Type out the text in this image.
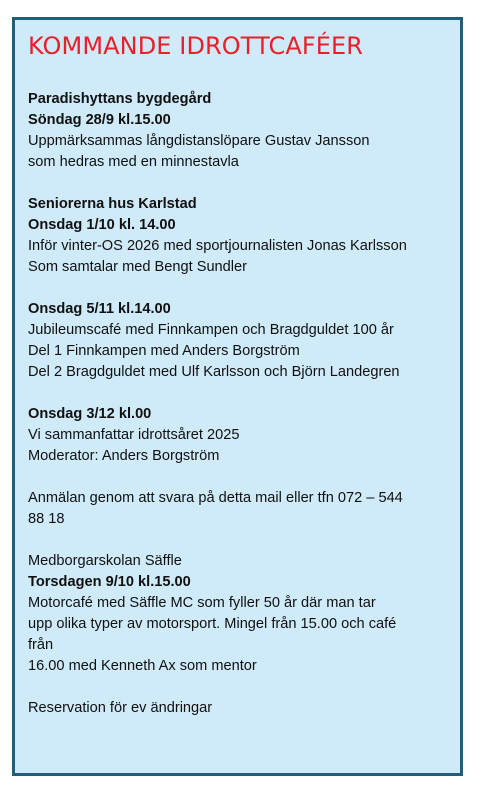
KOMMANDE IDROTTCAFÉER

Paradishyttans bygdegård

Söndag 28/9 kl.15.00

Uppmärksammas långdistanslöpare Gustav Jansson

som hedras med en minnestavla

Seniorerna hus Karlstad

Onsdag 1/10 kl. 14.00

Inför vinter-OS 2026 med sportjournalisten Jonas Karlsson

Som samtalar med Bengt Sundler

Onsdag 5/11 kl.14.00

Jubileumscafé med Finnkampen och Bragdguldet 100 år

Del 1 Finnkampen med Anders Borgström

Del 2 Bragdguldet med Ulf Karlsson och Björn Landegren

Onsdag 3/12 kl.00

Vi sammanfattar idrottsåret 2025

Moderator: Anders Borgström

Anmälan genom att svara på detta mail eller tfn 072 – 544

88 18

Medborgarskolan Säffle

Torsdagen 9/10 kl.15.00

Motorcafé med Säffle MC som fyller 50 år där man tar

upp olika typer av motorsport. Mingel från 15.00 och café

från

16.00 med Kenneth Ax som mentor

Reservation för ev ändringar
